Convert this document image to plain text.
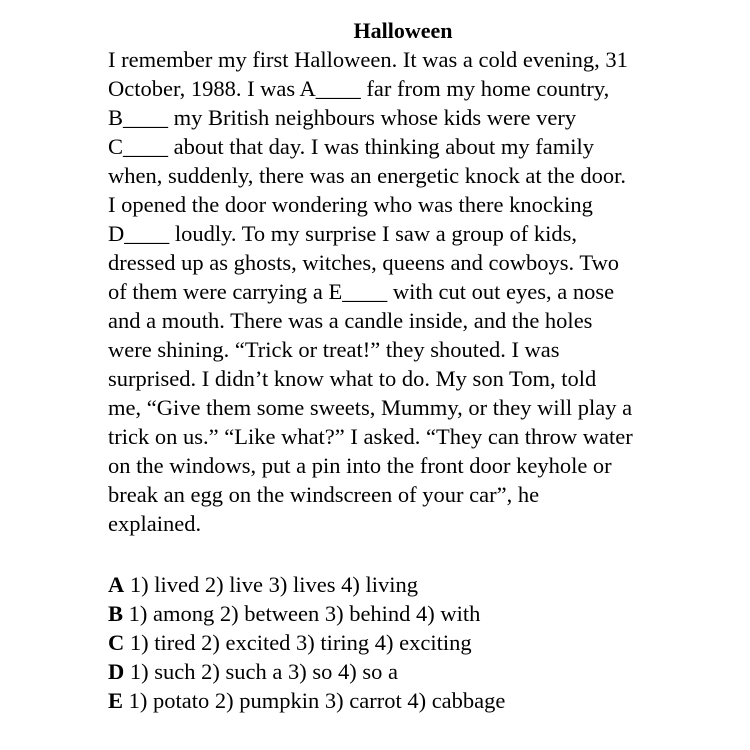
Halloween
I remember my first Halloween. It was a cold evening, 31
October, 1988. I was A____ far from my home country,
B____ my British neighbours whose kids were very
C____ about that day. I was thinking about my family
when, suddenly, there was an energetic knock at the door.
I opened the door wondering who was there knocking
D____ loudly. To my surprise I saw a group of kids,
dressed up as ghosts, witches, queens and cowboys. Two
of them were carrying a E____ with cut out eyes, a nose
and a mouth. There was a candle inside, and the holes
were shining. “Trick or treat!” they shouted. I was
surprised. I didn’t know what to do. My son Tom, told
me, “Give them some sweets, Mummy, or they will play a
trick on us.” “Like what?” I asked. “They can throw water
on the windows, put a pin into the front door keyhole or
break an egg on the windscreen of your car”, he
explained.
A 1) lived 2) live 3) lives 4) living
B 1) among 2) between 3) behind 4) with
C 1) tired 2) excited 3) tiring 4) exciting
D 1) such 2) such a 3) so 4) so a
E 1) potato 2) pumpkin 3) carrot 4) cabbage
